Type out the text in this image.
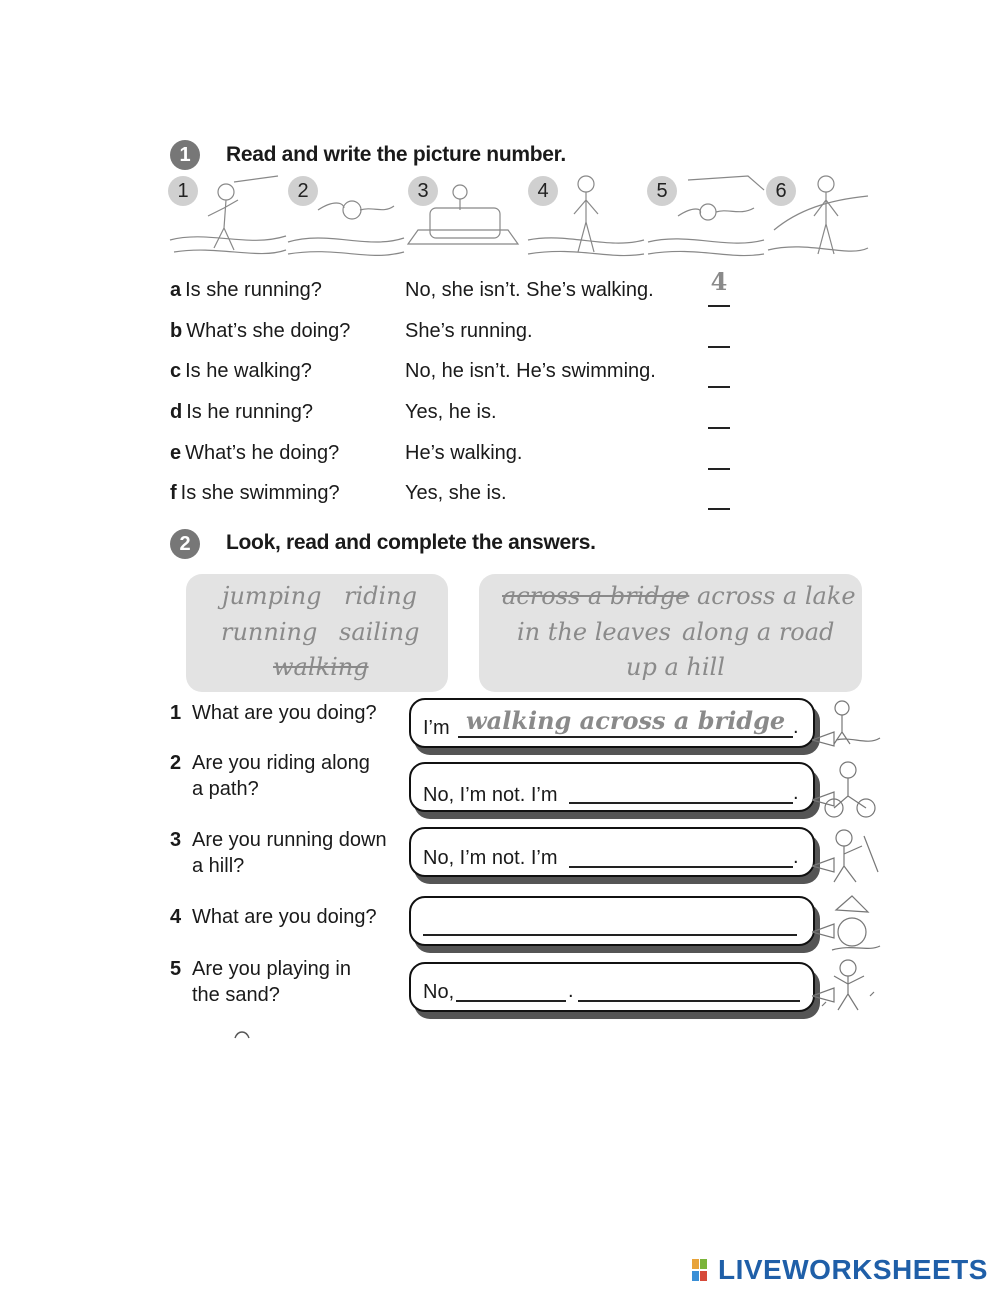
1	Read and write the picture number.
1	2	3	4	5	6
a Is she running?	No, she isn’t. She’s walking. 4
b What’s she doing?	She’s running.
c Is he walking?	No, he isn’t. He’s swimming.
d Is he running?	Yes, he is.
e What’s he doing?	He’s walking.
f Is she swimming?	Yes, she is.
2	Look, read and complete the answers.
jumping riding
running sailing
walking
across a bridge across a lake
in the leaves along a road
up a hill
1 What are you doing?
I’m walking across a bridge .
2 Are you riding along
a path?	No, I’m not. I’m	.
3 Are you running down
a hill?	No, I’m not. I’m	.
4 What are you doing?
5 Are you playing in
the sand?	No,	.
LIVEWORKSHEETS
